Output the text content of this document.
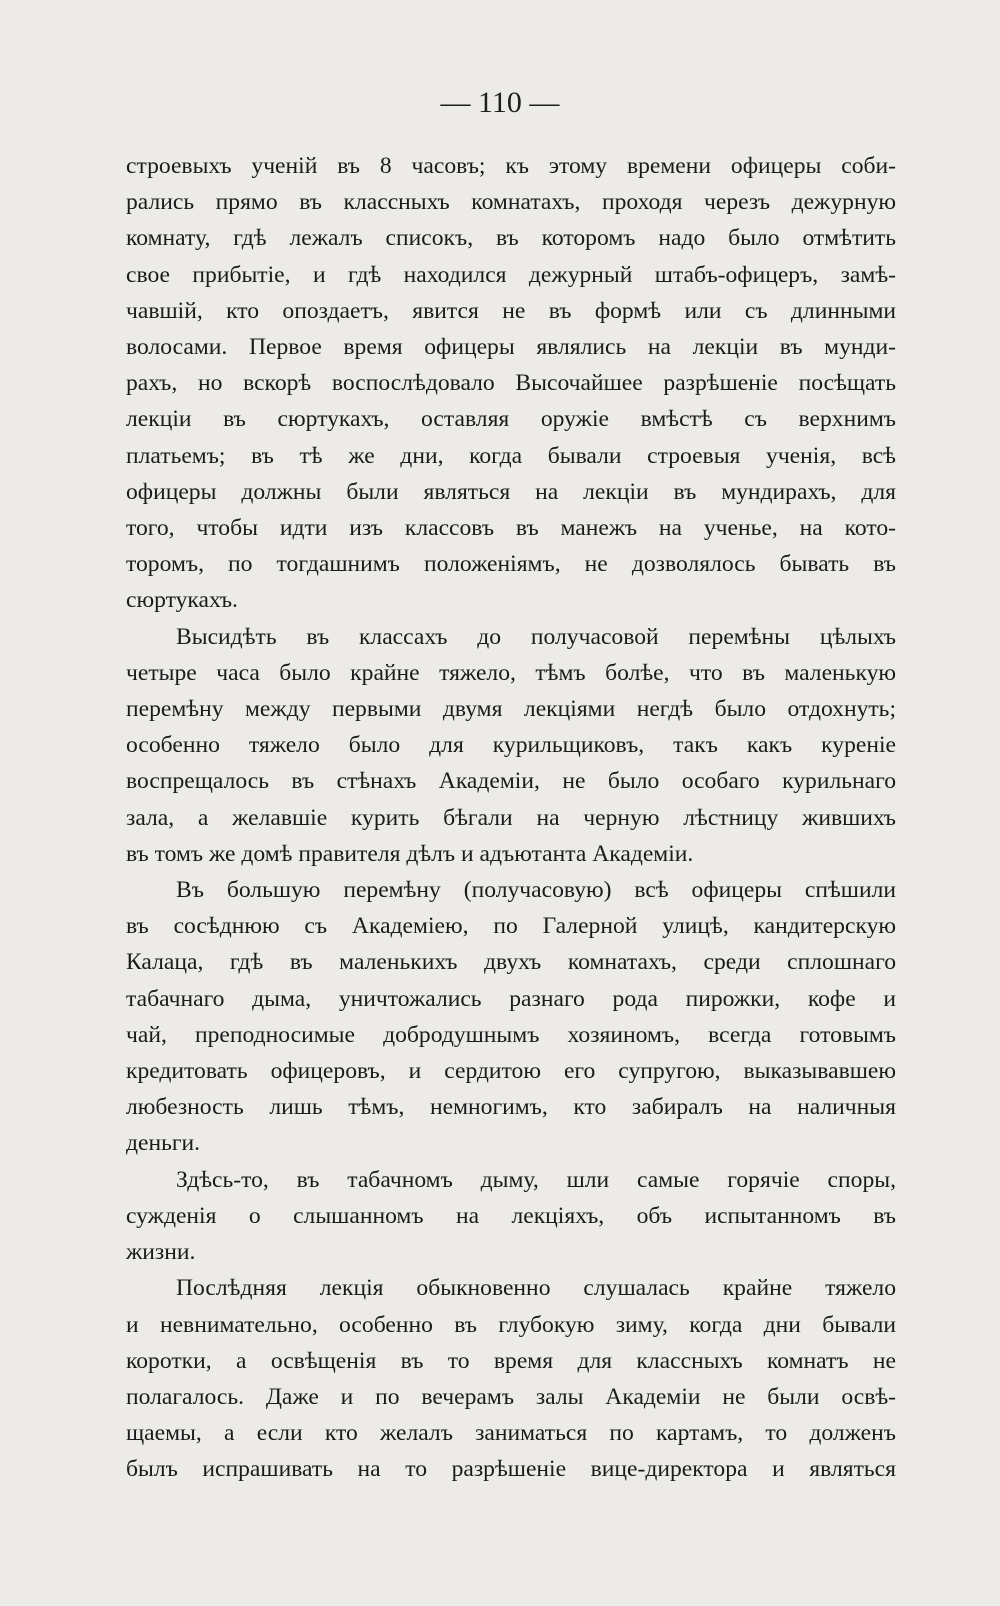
— 110 —
строевыхъ ученій въ 8 часовъ; къ этому времени офицеры соби-
рались прямо въ классныхъ комнатахъ, проходя черезъ дежурную
комнату, гдѣ лежалъ списокъ, въ которомъ надо было отмѣтить
свое прибытіе, и гдѣ находился дежурный штабъ-офицеръ, замѣ-
чавшій, кто опоздаетъ, явится не въ формѣ или съ длинными
волосами. Первое время офицеры являлись на лекціи въ мунди-
рахъ, но вскорѣ воспослѣдовало Высочайшее разрѣшеніе посѣщать
лекціи въ сюртукахъ, оставляя оружіе вмѣстѣ съ верхнимъ
платьемъ; въ тѣ же дни, когда бывали строевыя ученія, всѣ
офицеры должны были являться на лекціи въ мундирахъ, для
того, чтобы идти изъ классовъ въ манежъ на ученье, на кото-
торомъ, по тогдашнимъ положеніямъ, не дозволялось бывать въ
сюртукахъ.
Высидѣть въ классахъ до получасовой перемѣны цѣлыхъ
четыре часа было крайне тяжело, тѣмъ болѣе, что въ маленькую
перемѣну между первыми двумя лекціями негдѣ было отдохнуть;
особенно тяжело было для курильщиковъ, такъ какъ куреніе
воспрещалось въ стѣнахъ Академіи, не было особаго курильнаго
зала, а желавшіе курить бѣгали на черную лѣстницу жившихъ
въ томъ же домѣ правителя дѣлъ и адъютанта Академіи.
Въ большую перемѣну (получасовую) всѣ офицеры спѣшили
въ сосѣднюю съ Академіею, по Галерной улицѣ, кандитерскую
Калаца, гдѣ въ маленькихъ двухъ комнатахъ, среди сплошнаго
табачнаго дыма, уничтожались разнаго рода пирожки, кофе и
чай, преподносимые добродушнымъ хозяиномъ, всегда готовымъ
кредитовать офицеровъ, и сердитою его супругою, выказывавшею
любезность лишь тѣмъ, немногимъ, кто забиралъ на наличныя
деньги.
Здѣсь-то, въ табачномъ дыму, шли самые горячіе споры,
сужденія о слышанномъ на лекціяхъ, объ испытанномъ въ
жизни.
Послѣдняя лекція обыкновенно слушалась крайне тяжело
и невнимательно, особенно въ глубокую зиму, когда дни бывали
коротки, а освѣщенія въ то время для классныхъ комнатъ не
полагалось. Даже и по вечерамъ залы Академіи не были освѣ-
щаемы, а если кто желалъ заниматься по картамъ, то долженъ
былъ испрашивать на то разрѣшеніе вице-директора и являться
